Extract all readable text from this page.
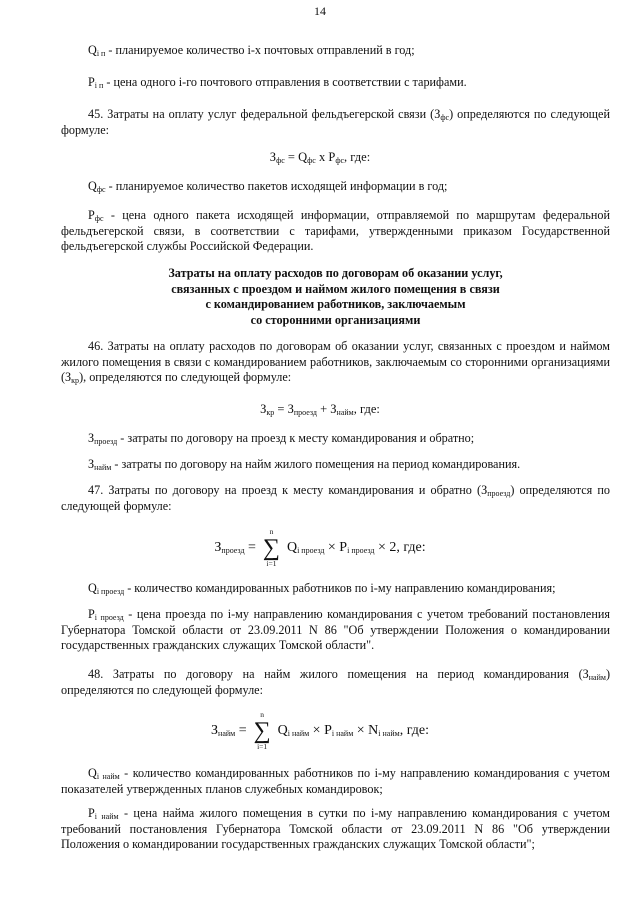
14

$Q_{i п}$ - планируемое количество i-х почтовых отправлений в год;

$P_{i п}$ - цена одного i-го почтового отправления в соответствии с тарифами.

45. Затраты на оплату услуг федеральной фельдъегерской связи $(З_{фс})$ определяются по следующей формуле:

$З_{фс} = Q_{фс}$ x $P_{фс}$, где:

$Q_{фс}$ - планируемое количество пакетов исходящей информации в год;

$P_{фс}$ - цена одного пакета исходящей информации, отправляемой по маршрутам федеральной фельдъегерской связи, в соответствии с тарифами, утвержденными приказом Государственной фельдъегерской службы Российской Федерации.

Затраты на оплату расходов по договорам об оказании услуг,
связанных с проездом и наймом жилого помещения в связи
с командированием работников, заключаемым
со сторонними организациями

46. Затраты на оплату расходов по договорам об оказании услуг, связанных с проездом и наймом жилого помещения в связи с командированием работников, заключаемым со сторонними организациями $(З_{кр})$, определяются по следующей формуле:

$З_{кр} = З_{проезд} + З_{найм}$, где:

$З_{проезд}$ - затраты по договору на проезд к месту командирования и обратно;

$З_{найм}$ - затраты по договору на найм жилого помещения на период командирования.

47. Затраты по договору на проезд к месту командирования и обратно $(З_{проезд})$ определяются по следующей формуле:

$З_{проезд}$ =
n
∑
i=1
$Q_{i проезд} \times P_{i проезд} \times 2$, где:

$Q_{i проезд}$ - количество командированных работников по i-му направлению командирования;

$P_{i проезд}$ - цена проезда по i-му направлению командирования с учетом требований постановления Губернатора Томской области от 23.09.2011 N 86 "Об утверждении Положения о командировании государственных гражданских служащих Томской области".

48. Затраты по договору на найм жилого помещения на период командирования $(З_{найм})$ определяются по следующей формуле:

$З_{найм}$ =
n
∑
i=1
$Q_{i найм} \times P_{i найм} \times N_{i найм}$, где:

$Q_{i найм}$ - количество командированных работников по i-му направлению командирования с учетом показателей утвержденных планов служебных командировок;

$P_{i найм}$ - цена найма жилого помещения в сутки по i-му направлению командирования с учетом требований постановления Губернатора Томской области от 23.09.2011 N 86 "Об утверждении Положения о командировании государственных гражданских служащих Томской области";
